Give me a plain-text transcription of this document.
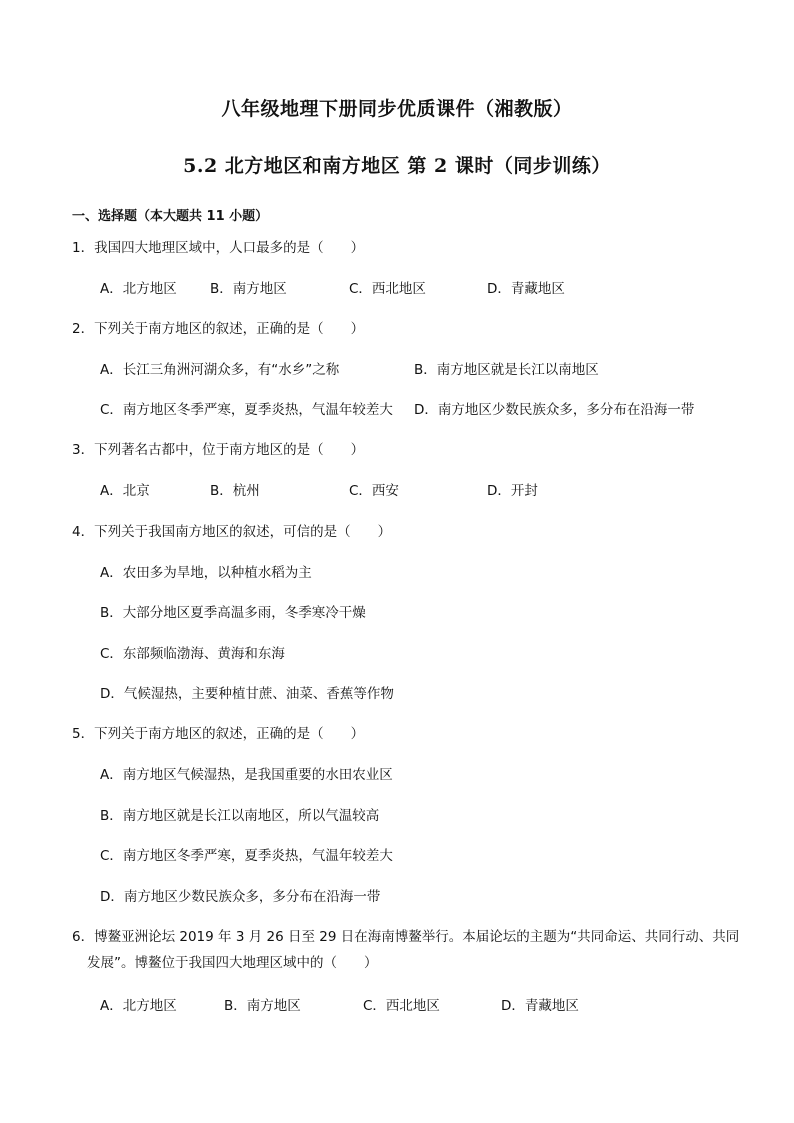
八年级地理下册同步优质课件（湘教版）
5.2 北方地区和南方地区 第 2 课时（同步训练）
一、选择题（本大题共 11 小题）
1．我国四大地理区域中，人口最多的是（　　）
A．北方地区 B．南方地区	C．西北地区	D．青藏地区
2．下列关于南方地区的叙述，正确的是（　　）
A．长江三角洲河湖众多，有“水乡”之称	B．南方地区就是长江以南地区
C．南方地区冬季严寒，夏季炎热，气温年较差大 D．南方地区少数民族众多，多分布在沿海一带
3．下列著名古都中，位于南方地区的是（　　）
A．北京	B．杭州	C．西安	D．开封
4．下列关于我国南方地区的叙述，可信的是（　　）
A．农田多为旱地，以种植水稻为主
B．大部分地区夏季高温多雨，冬季寒冷干燥
C．东部频临渤海、黄海和东海
D．气候湿热，主要种植甘蔗、油菜、香蕉等作物
5．下列关于南方地区的叙述，正确的是（　　）
A．南方地区气候湿热，是我国重要的水田农业区
B．南方地区就是长江以南地区，所以气温较高
C．南方地区冬季严寒，夏季炎热，气温年较差大
D．南方地区少数民族众多，多分布在沿海一带
6．博鳌亚洲论坛 2019 年 3 月 26 日至 29 日在海南博鳌举行。本届论坛的主题为“共同命运、共同行动、共同发展”。博鳌位于我国四大地理区域中的（　　）
A．北方地区	B．南方地区	C．西北地区	D．青藏地区
